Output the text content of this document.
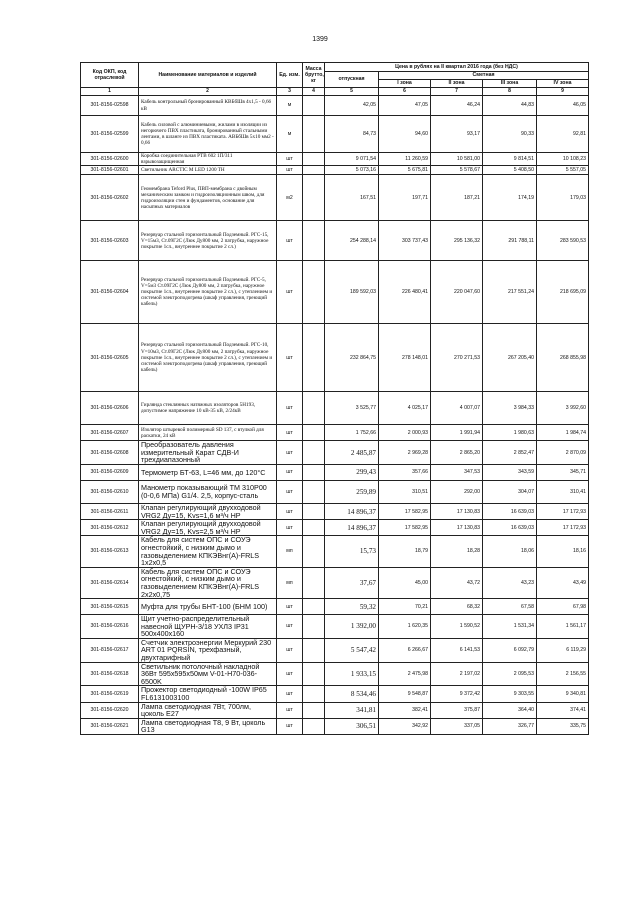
1399
Код ОКП, код отраслевой	Наименование материалов и изделий	Ед. изм.	Масса брутто, кг	Цена в рублях на II квартал 2016 года (без НДС)				
				отпускная	Сметная			
					I зона	II зона	III зона	IV зона
1	2	3	4	5	6	7	8	9
301-8156-02598	Кабель контрольный бронированный КВБбШв 4x1,5 - 0,66 кВ	м		42,05	47,05	46,24	44,83	46,05
301-8156-02599	Кабель силовой с алюминиевыми, жилами в изоляции из негорючего ПВХ пластиката, бронированный стальными лентами, в шланге из ПВХ пластиката. АВБбШв 5x10 мм2 - 0,66	м		84,73	94,60	93,17	90,33	92,81
301-8156-02600	Коробка соединительная РТВ 602 1П/311 взрывозащищенная	шт		9 071,54	11 260,59	10 581,00	9 814,51	10 108,23
301-8156-02601	Светильник ARCTIC M LED 1200 TH	шт		5 073,16	5 675,81	5 578,67	5 408,50	5 557,05
301-8156-02602	Геомембрана Teford Plus, ПВП-мембрана с двойным механическим замком и гидроизоляционным швом, для гидроизоляции стен и фундаментов, основание для насыпных материалов	м2		167,51	197,71	187,21	174,19	179,03
301-8156-02603	Резервуар стальной горизонтальный Подземный. РГС-15, V=15м3, Ст.09Г2С (Люк Ду800 мм, 2 патрубка, наружное покрытие 1сл., внутреннее покрытие 2 сл.)	шт		254 288,14	303 737,43	295 136,32	291 788,11	283 590,53
301-8156-02604	Резервуар стальной горизонтальный Подземный. РГС-5, V=5м3 Ст.09Г2С (Люк Ду800 мм, 2 патрубка, наружное покрытие 1сл., внутреннее покрытие 2 сл.), с утеплением и системой электроподогрева (шкаф управления, греющий кабель)	шт		189 592,03	226 480,41	220 047,60	217 551,24	218 695,09
301-8156-02605	Резервуар стальной горизонтальный Подземный. РГС-10, V=10м3, Ст.09Г2С (Люк Ду800 мм, 2 патрубка, наружное покрытие 1сл., внутреннее покрытие 2 сл.), с утеплением и системой электроподогрева (шкаф управления, греющий кабель)	шт		232 864,75	278 148,01	270 271,53	267 205,40	268 855,98
301-8156-02606	Гирлянда стеклянных натяжных изоляторов 5Н193, допустимое напряжение 10 кВ-35 кВ, 2/24кВ	шт		3 525,77	4 025,17	4 007,07	3 984,33	3 992,60
301-8156-02607	Изолятор штыревой полимерный SD 137, с втулкой для раскатки, 24 кВ	шт		1 752,66	2 000,93	1 991,94	1 980,63	1 984,74
301-8156-02608	Преобразователь давления измерительный Карат СДВ-И трехдиапазонный	шт		2 485,87	2 969,28	2 865,20	2 852,47	2 870,09
301-8156-02609	Термометр БТ-63, L=46 мм, до 120°С	шт		299,43	357,66	347,53	343,59	345,71
301-8156-02610	Манометр показывающий ТМ 310Р00 (0-0,6 МПа) G1/4. 2,5, корпус-сталь	шт		259,89	310,51	292,00	304,07	310,41
301-8156-02611	Клапан регулирующий двухходовой VRG2 Ду=15, Kvs=1,6 м³/ч НР	шт		14 896,37	17 582,95	17 130,83	16 639,03	17 172,93
301-8156-02612	Клапан регулирующий двухходовой VRG2 Ду=15, Kvs=2,5 м³/ч НР	шт		14 896,37	17 582,95	17 130,83	16 639,03	17 172,93
301-8156-02613	Кабель для систем ОПС и СОУЭ огнестойкий, с низким дымо и газовыделением КПКЭВнг(А)-FRLS 1x2x0,5	мп		15,73	18,79	18,28	18,06	18,16
301-8156-02614	Кабель для систем ОПС и СОУЭ огнестойкий, с низким дымо и газовыделением КПКЭВнг(А)-FRLS 2x2x0,75	мп		37,67	45,00	43,72	43,23	43,49
301-8156-02615	Муфта для трубы БНТ-100 (БНМ 100)	шт		59,32	70,21	68,32	67,58	67,98
301-8156-02616	Щит учетно-распределительный навесной ЩУРН-3/18 УХЛ3 IP31 500x400x160	шт		1 392,00	1 620,35	1 590,52	1 531,34	1 561,17
301-8156-02617	Счетчик электроэнергии Меркурий 230 ART 01 PQRSIN, трехфазный, двухтарифный	шт		5 547,42	6 266,67	6 141,53	6 092,79	6 119,29
301-8156-02618	Светильник потолочный накладной 36Вт 595x595x50мм V-01-H70-036-6500K	шт		1 933,15	2 475,98	2 197,02	2 095,53	2 156,55
301-8156-02619	Прожектор светодиодный -100W IP65 FL6131003100	шт		8 534,46	9 548,87	9 372,42	9 303,55	9 340,81
301-8156-02620	Лампа светодиодная 7Вт, 700лм, цоколь Е27	шт		341,81	382,41	375,87	364,40	374,41
301-8156-02621	Лампа светодиодная Т8, 9 Вт, цоколь G13	шт		306,51	342,92	337,05	326,77	335,75
